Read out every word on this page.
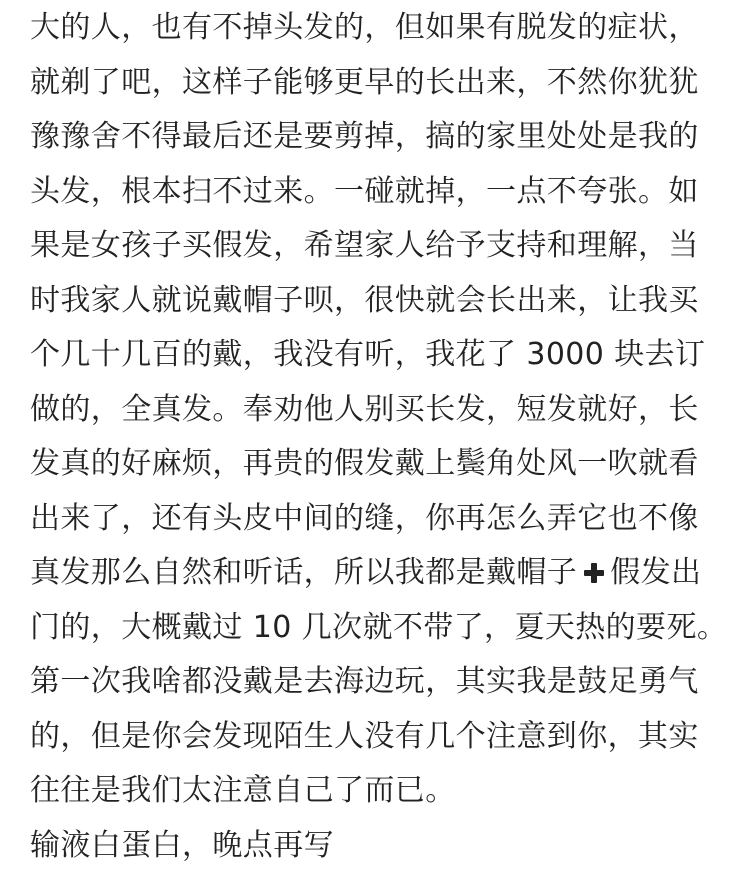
大的人，也有不掉头发的，但如果有脱发的症状，
就剃了吧，这样子能够更早的长出来，不然你犹犹
豫豫舍不得最后还是要剪掉，搞的家里处处是我的
头发，根本扫不过来。一碰就掉，一点不夸张。如
果是女孩子买假发，希望家人给予支持和理解，当
时我家人就说戴帽子呗，很快就会长出来，让我买
个几十几百的戴，我没有听，我花了 3000 块去订
做的，全真发。奉劝他人别买长发，短发就好，长
发真的好麻烦，再贵的假发戴上鬓角处风一吹就看
出来了，还有头皮中间的缝，你再怎么弄它也不像
真发那么自然和听话，所以我都是戴帽子 假发出
门的，大概戴过 10 几次就不带了，夏天热的要死。
第一次我啥都没戴是去海边玩，其实我是鼓足勇气
的，但是你会发现陌生人没有几个注意到你，其实
往往是我们太注意自己了而已。
输液白蛋白，晚点再写
